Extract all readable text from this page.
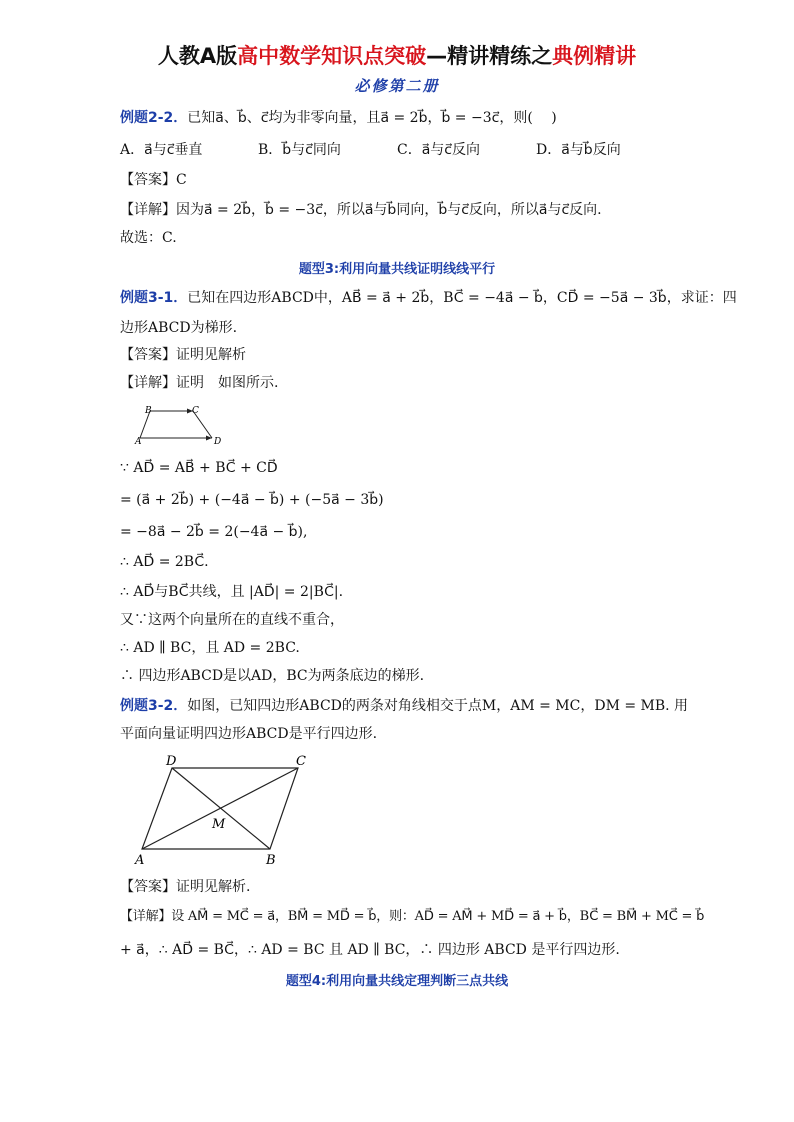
人教A版高中数学知识点突破—精讲精练之典例精讲
必修第二册
例题2-2．已知a⃗、b⃗、c⃗均为非零向量，且a⃗ = 2b⃗，b⃗ = −3c⃗，则(　 )
A．a⃗与c⃗垂直	B．b⃗与c⃗同向	C．a⃗与c⃗反向	D．a⃗与b⃗反向
【答案】C
【详解】因为a⃗ = 2b⃗，b⃗ = −3c⃗，所以a⃗与b⃗同向，b⃗与c⃗反向，所以a⃗与c⃗反向.
故选：C.
题型3:利用向量共线证明线线平行
例题3-1．已知在四边形ABCD中，AB⃗ = a⃗ + 2b⃗，BC⃗ = −4a⃗ − b⃗，CD⃗ = −5a⃗ − 3b⃗，求证：四
边形ABCD为梯形.
【答案】证明见解析
【详解】证明　如图所示.
B	C
A	D
∵ AD⃗ = AB⃗ + BC⃗ + CD⃗
= (a⃗ + 2b⃗) + (−4a⃗ − b⃗) + (−5a⃗ − 3b⃗)
= −8a⃗ − 2b⃗ = 2(−4a⃗ − b⃗),
∴ AD⃗ = 2BC⃗.
∴ AD⃗与BC⃗共线，且 |AD⃗| = 2|BC⃗|.
又∵这两个向量所在的直线不重合，
∴ AD ∥ BC，且 AD = 2BC.
∴ 四边形ABCD是以AD，BC为两条底边的梯形.
例题3-2．如图，已知四边形ABCD的两条对角线相交于点M，AM = MC，DM = MB. 用
平面向量证明四边形ABCD是平行四边形.
D	C
M
A	B
【答案】证明见解析.
【详解】设 AM⃗ = MC⃗ = a⃗，BM⃗ = MD⃗ = b⃗，则：AD⃗ = AM⃗ + MD⃗ = a⃗ + b⃗，BC⃗ = BM⃗ + MC⃗ = b⃗
+ a⃗，∴ AD⃗ = BC⃗，∴ AD = BC 且 AD ∥ BC，∴ 四边形 ABCD 是平行四边形.
题型4:利用向量共线定理判断三点共线
